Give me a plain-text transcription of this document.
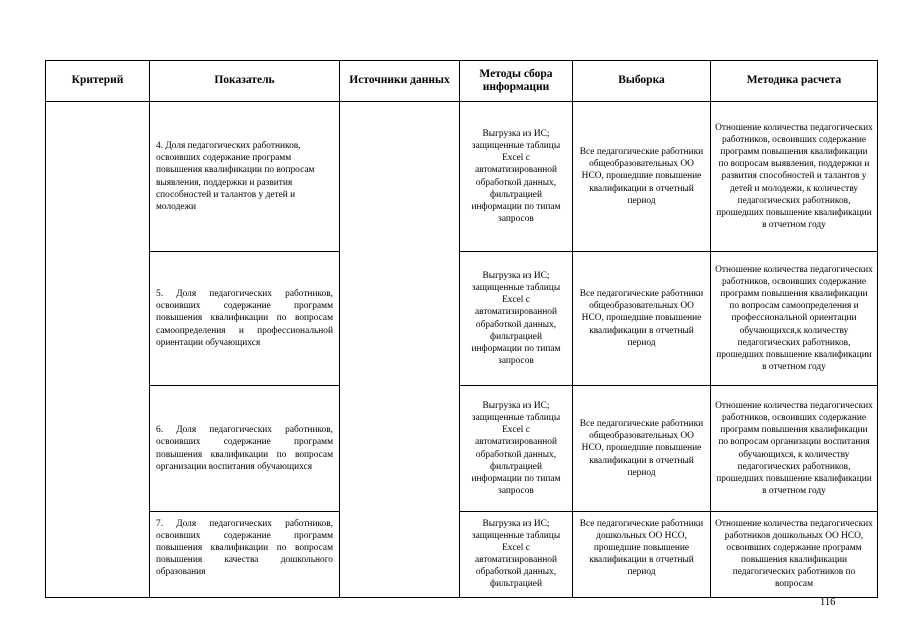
Критерий	Показатель	Источники данных	Методы сбора информации	Выборка	Методика расчета
	4. Доля педагогических работников, освоивших содержание программ повышения квалификации по вопросам выявления, поддержки и развития способностей и талантов у детей и молодежи		Выгрузка из ИС; защищенные таблицы Excel с автоматизированной обработкой данных, фильтрацией информации по типам запросов	Все педагогические работники общеобразовательных ОО НСО, прошедшие повышение квалификации в отчетный период	Отношение количества педагогических работников, освоивших содержание программ повышения квалификации по вопросам выявления, поддержки и развития способностей и талантов у детей и молодежи, к количеству педагогических работников, прошедших повышение квалификации в отчетном году
	5. Доля педагогических работников, освоивших содержание программ повышения квалификации по вопросам самоопределения и профессиональной ориентации обучающихся		Выгрузка из ИС; защищенные таблицы Excel с автоматизированной обработкой данных, фильтрацией информации по типам запросов	Все педагогические работники общеобразовательных ОО НСО, прошедшие повышение квалификации в отчетный период	Отношение количества педагогических работников, освоивших содержание программ повышения квалификации по вопросам самоопределения и профессиональной ориентации обучающихся,к количеству педагогических работников, прошедших повышение квалификации в отчетном году
	6. Доля педагогических работников, освоивших содержание программ повышения квалификации по вопросам организации воспитания обучающихся		Выгрузка из ИС; защищенные таблицы Excel с автоматизированной обработкой данных, фильтрацией информации по типам запросов	Все педагогические работники общеобразовательных ОО НСО, прошедшие повышение квалификации в отчетный период	Отношение количества педагогических работников, освоивших содержание программ повышения квалификации по вопросам организации воспитания обучающихся, к количеству педагогических работников, прошедших повышение квалификации в отчетном году
	7. Доля педагогических работников, освоивших содержание программ повышения квалификации по вопросам повышения качества дошкольного образования		Выгрузка из ИС; защищенные таблицы Excel с автоматизированной обработкой данных, фильтрацией	Все педагогические работники дошкольных ОО НСО, прошедшие повышение квалификации в отчетный период	Отношение количества педагогических работников дошкольных ОО НСО, освоивших содержание программ повышения квалификации педагогических работников по вопросам
116
